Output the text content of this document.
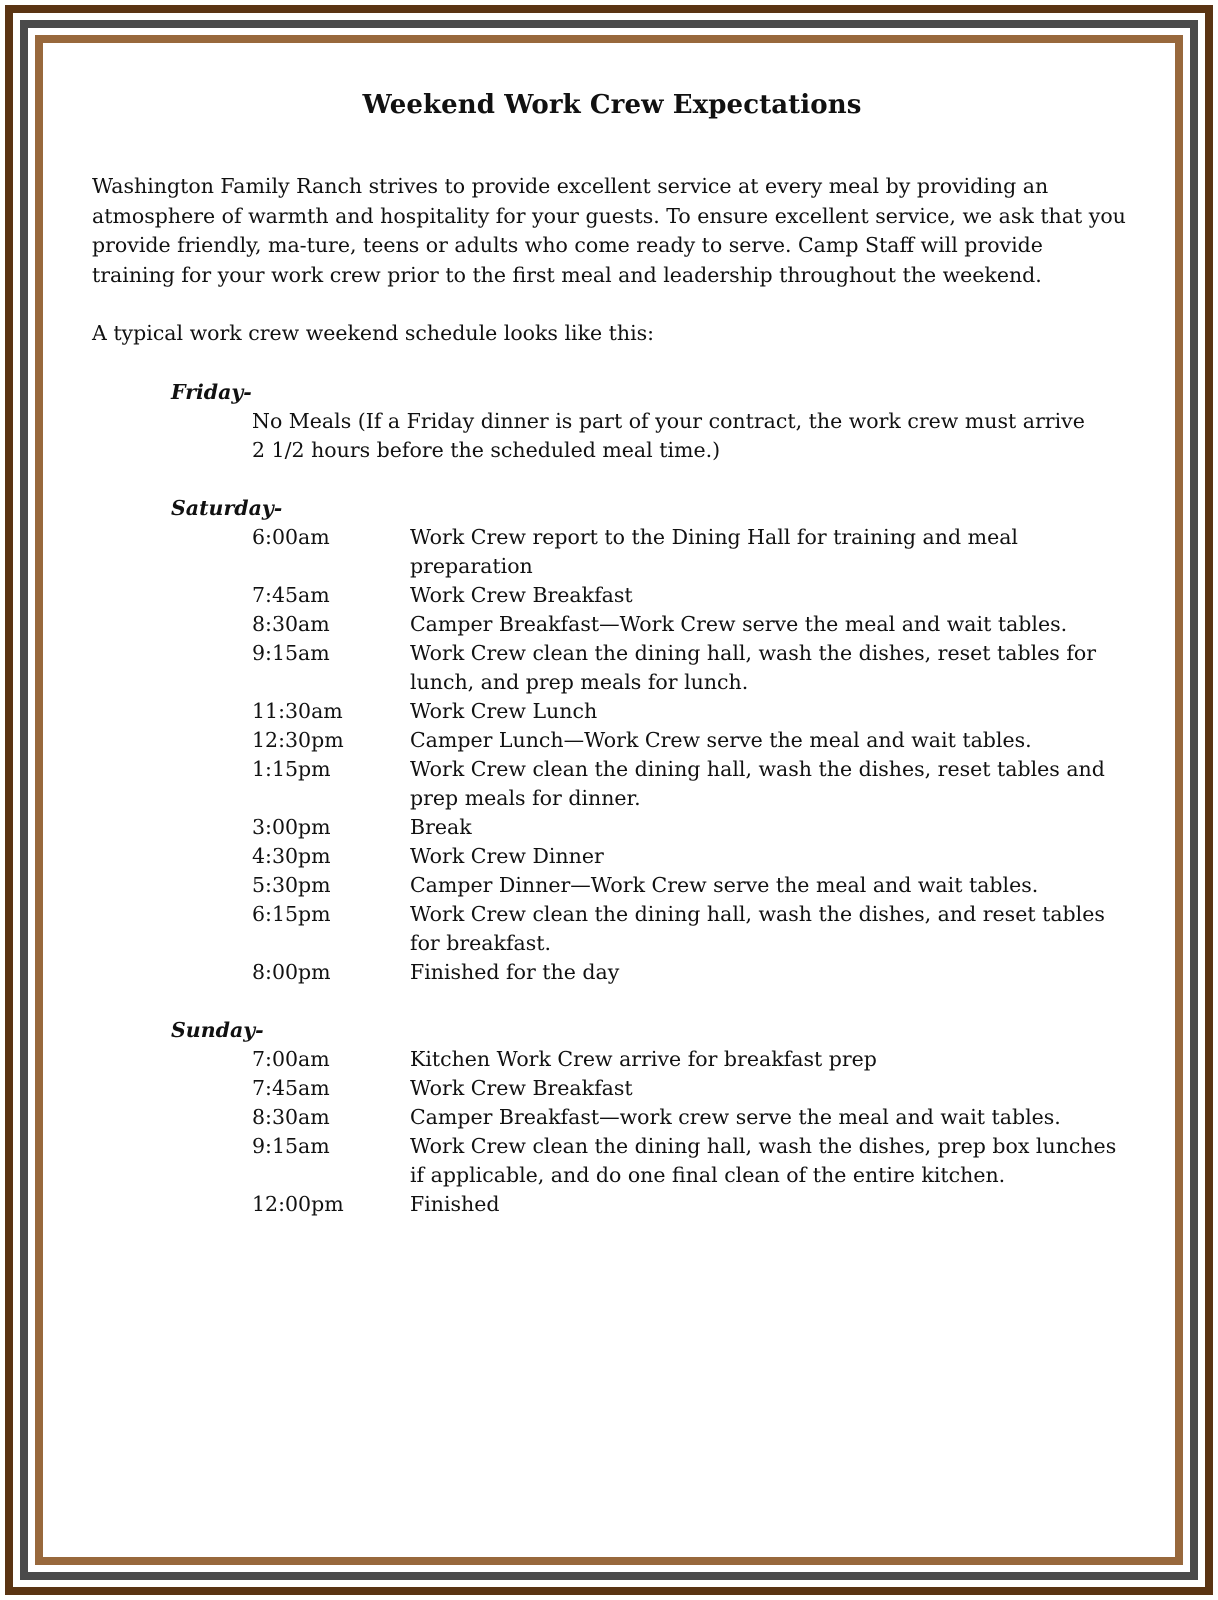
Weekend Work Crew Expectations

Washington Family Ranch strives to provide excellent service at every meal by providing an atmosphere of warmth and hospitality for your guests. To ensure excellent service, we ask that you provide friendly, ma-ture, teens or adults who come ready to serve. Camp Staff will provide training for your work crew prior to the first meal and leadership throughout the weekend.

A typical work crew weekend schedule looks like this:

Friday-
No Meals (If a Friday dinner is part of your contract, the work crew must arrive 2 1/2 hours before the scheduled meal time.)
Saturday-
6:00am	Work Crew report to the Dining Hall for training and meal preparation
7:45am	Work Crew Breakfast
8:30am	Camper Breakfast—Work Crew serve the meal and wait tables.
9:15am	Work Crew clean the dining hall, wash the dishes, reset tables for lunch, and prep meals for lunch.
11:30am	Work Crew Lunch
12:30pm	Camper Lunch—Work Crew serve the meal and wait tables.
1:15pm	Work Crew clean the dining hall, wash the dishes, reset tables and prep meals for dinner.
3:00pm	Break
4:30pm	Work Crew Dinner
5:30pm	Camper Dinner—Work Crew serve the meal and wait tables.
6:15pm	Work Crew clean the dining hall, wash the dishes, and reset tables for breakfast.
8:00pm	Finished for the day
Sunday-
7:00am	Kitchen Work Crew arrive for breakfast prep
7:45am	Work Crew Breakfast
8:30am	Camper Breakfast—work crew serve the meal and wait tables.
9:15am	Work Crew clean the dining hall, wash the dishes, prep box lunches if applicable, and do one final clean of the entire kitchen.
12:00pm	Finished
